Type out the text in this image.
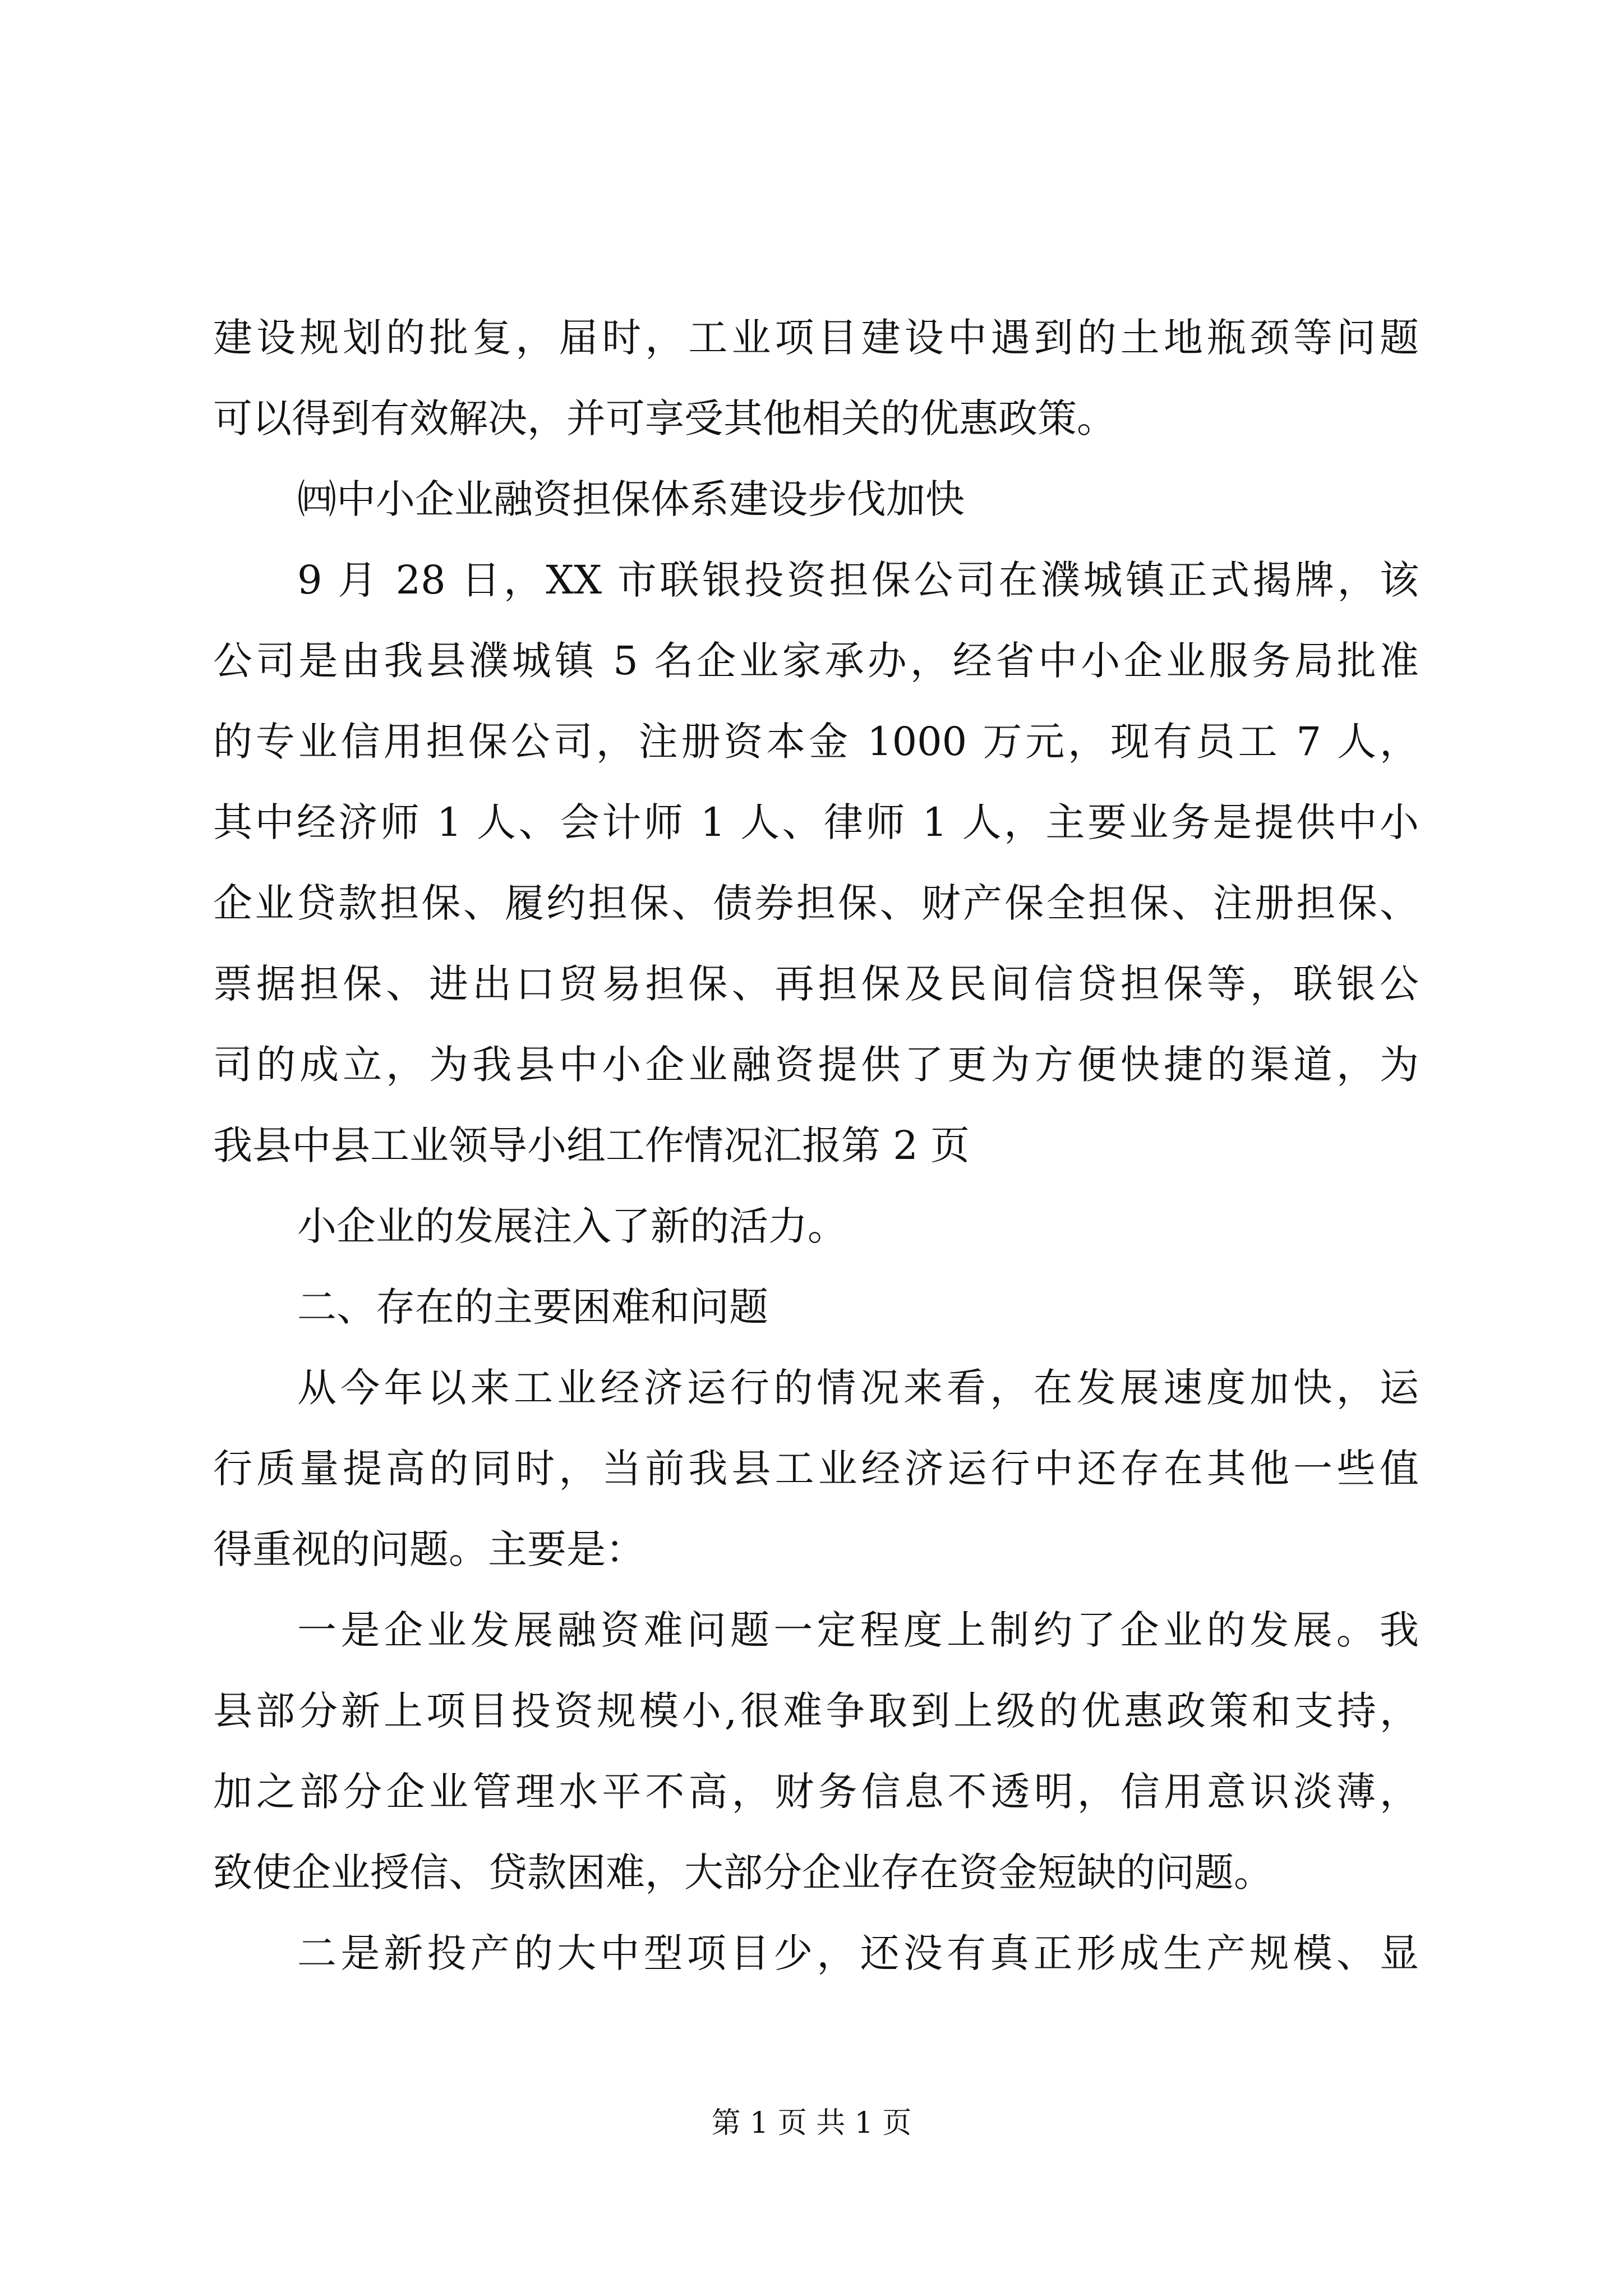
建设规划的批复，届时，工业项目建设中遇到的土地瓶颈等问题
可以得到有效解决，并可享受其他相关的优惠政策。
㈣中小企业融资担保体系建设步伐加快
9 月 28 日，XX 市联银投资担保公司在濮城镇正式揭牌，该
公司是由我县濮城镇 5 名企业家承办，经省中小企业服务局批准
的专业信用担保公司，注册资本金 1000 万元，现有员工 7 人，
其中经济师 1 人、会计师 1 人、律师 1 人，主要业务是提供中小
企业贷款担保、履约担保、债券担保、财产保全担保、注册担保、
票据担保、进出口贸易担保、再担保及民间信贷担保等，联银公
司的成立，为我县中小企业融资提供了更为方便快捷的渠道，为
我县中县工业领导小组工作情况汇报第 2 页
小企业的发展注入了新的活力。
二、存在的主要困难和问题
从今年以来工业经济运行的情况来看，在发展速度加快，运
行质量提高的同时，当前我县工业经济运行中还存在其他一些值
得重视的问题。主要是：
一是企业发展融资难问题一定程度上制约了企业的发展。我
县部分新上项目投资规模小,很难争取到上级的优惠政策和支持，
加之部分企业管理水平不高，财务信息不透明，信用意识淡薄，
致使企业授信、贷款困难，大部分企业存在资金短缺的问题。
二是新投产的大中型项目少，还没有真正形成生产规模、显
第 1 页 共 1 页
